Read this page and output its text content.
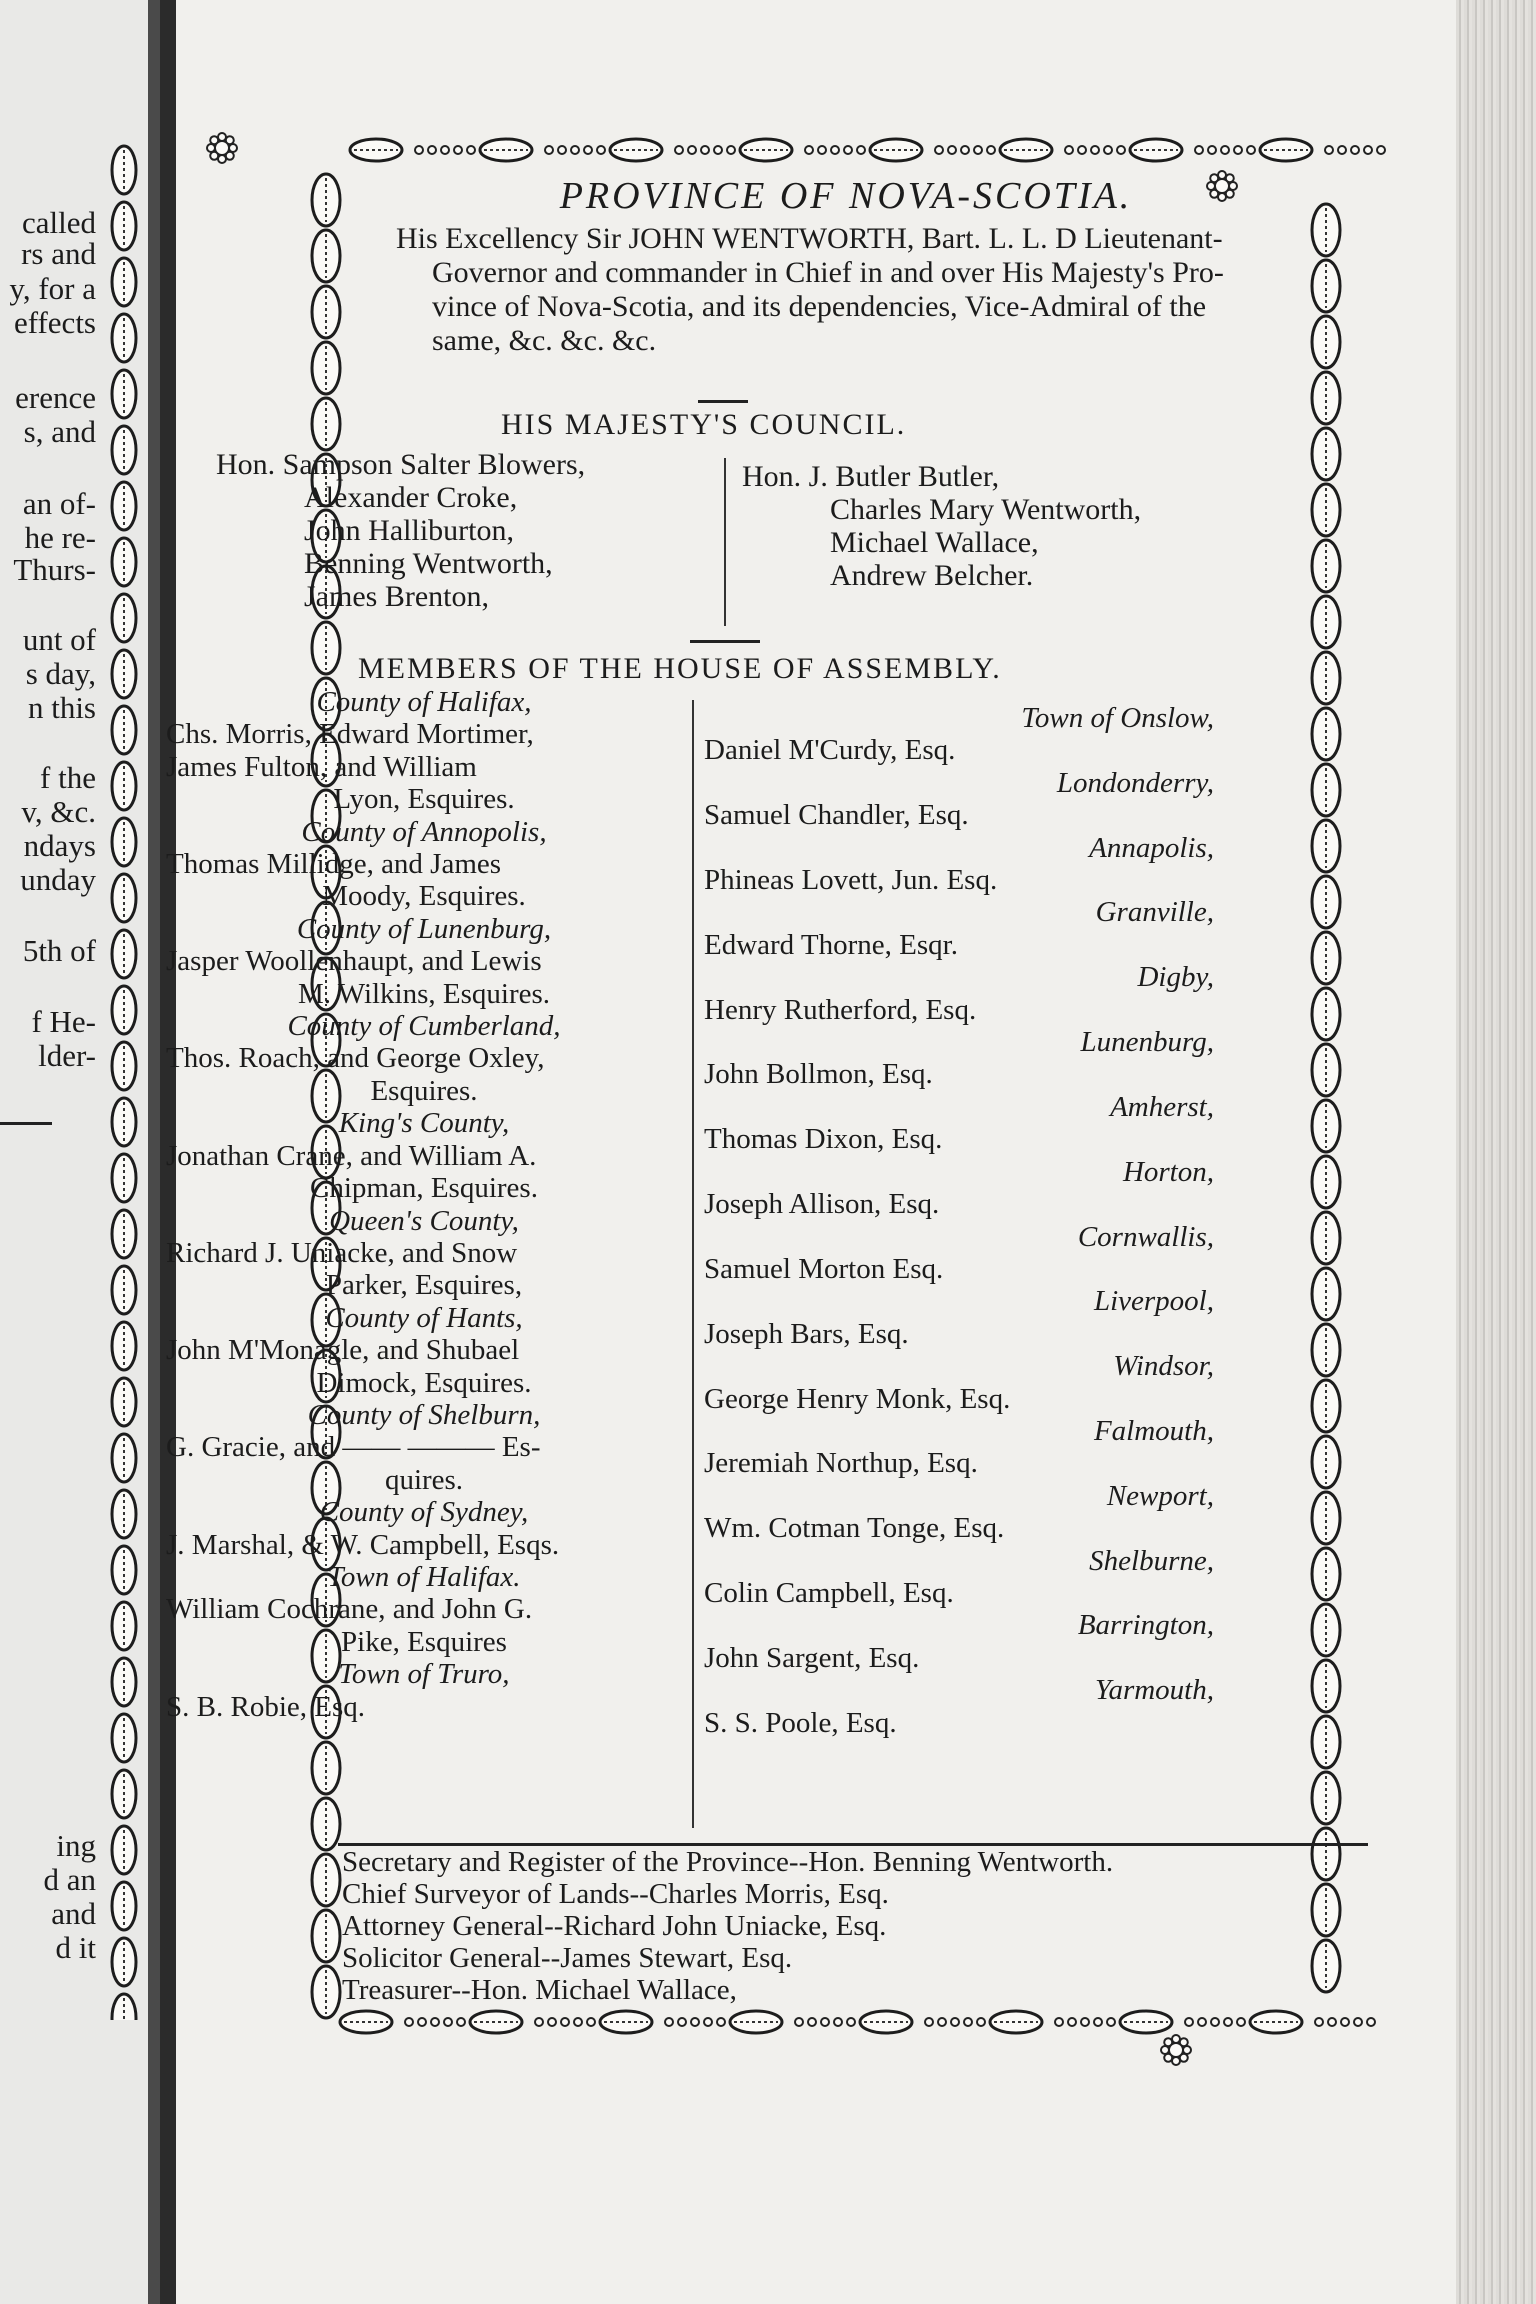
called
rs and
y, for a
effects
erence
s, and
an of-
he re-
Thurs-
unt of
s day,
n this
f the
v, &c.
ndays
unday
5th of
f He-
lder-
ing
d an
and
d it
PROVINCE OF NOVA-SCOTIA.
His Excellency Sir JOHN WENTWORTH, Bart. L. L. D Lieutenant-
Governor and commander in Chief in and over His Majesty's Pro-
vince of Nova-Scotia, and its dependencies, Vice-Admiral of the
same, &c. &c. &c.
HIS MAJESTY'S COUNCIL.
Hon. Sampson Salter Blowers,
Alexander Croke,
John Halliburton,
Benning Wentworth,
James Brenton,
Hon. J. Butler Butler,
Charles Mary Wentworth,
Michael Wallace,
Andrew Belcher.
MEMBERS OF THE HOUSE OF ASSEMBLY.
County of Halifax,
Chs. Morris, Edward Mortimer,
James Fulton, and William
Lyon, Esquires.
County of Annopolis,
Thomas Millidge, and James
Moody, Esquires.
County of Lunenburg,
Jasper Woollenhaupt, and Lewis
M. Wilkins, Esquires.
County of Cumberland,
Thos. Roach, and George Oxley,
Esquires.
King's County,
Jonathan Crane, and William A.
Chipman, Esquires.
Queen's County,
Richard J. Uniacke, and Snow
Parker, Esquires,
County of Hants,
John M'Monagle, and Shubael
Dimock, Esquires.
County of Shelburn,
G. Gracie, and —— ——— Es-
quires.
County of Sydney,
J. Marshal, & W. Campbell, Esqs.
Town of Halifax.
William Cochrane, and John G.
Pike, Esquires
Town of Truro,
S. B. Robie, Esq.
Town of Onslow,
Daniel M'Curdy, Esq.
Londonderry,
Samuel Chandler, Esq.
Annapolis,
Phineas Lovett, Jun. Esq.
Granville,
Edward Thorne, Esqr.
Digby,
Henry Rutherford, Esq.
Lunenburg,
John Bollmon, Esq.
Amherst,
Thomas Dixon, Esq.
Horton,
Joseph Allison, Esq.
Cornwallis,
Samuel Morton Esq.
Liverpool,
Joseph Bars, Esq.
Windsor,
George Henry Monk, Esq.
Falmouth,
Jeremiah Northup, Esq.
Newport,
Wm. Cotman Tonge, Esq.
Shelburne,
Colin Campbell, Esq.
Barrington,
John Sargent, Esq.
Yarmouth,
S. S. Poole, Esq.
Secretary and Register of the Province--Hon. Benning Wentworth.
Chief Surveyor of Lands--Charles Morris, Esq.
Attorney General--Richard John Uniacke, Esq.
Solicitor General--James Stewart, Esq.
Treasurer--Hon. Michael Wallace,
